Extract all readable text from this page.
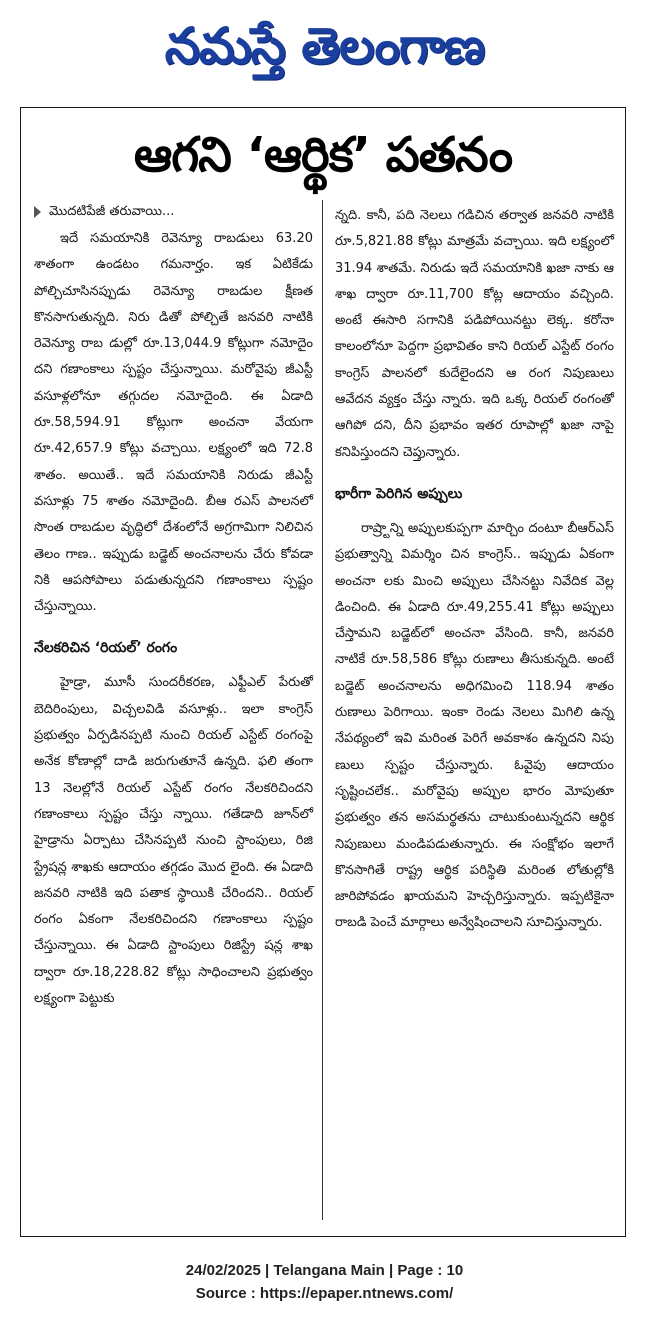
నమస్తే తెలంగాణ
ఆగని ‘ఆర్థిక’ పతనం
మొదటిపేజీ తరువాయి...

ఇదే సమయానికి రెవెన్యూ రాబడులు 63.20 శాతంగా ఉండటం గమనార్హం. ఇక ఏటికేడు పోల్చిచూసినప్పుడు రెవెన్యూ రాబడుల క్షీణత కొనసాగుతున్నది. నిరు డితో పోల్చితే జనవరి నాటికి రెవెన్యూ రాబ డుల్లో రూ.13,044.9 కోట్లుగా నమోదైం దని గణాంకాలు స్పష్టం చేస్తున్నాయి. మరోవైపు జీఎస్టీ వసూళ్లలోనూ తగ్గుదల నమోదైంది. ఈ ఏడాది రూ.58,594.91 కోట్లుగా అంచనా వేయగా రూ.42,657.9 కోట్లు వచ్చాయి. లక్ష్యంలో ఇది 72.8 శాతం. అయితే.. ఇదే సమయానికి నిరుడు జీఎస్టీ వసూళ్లు 75 శాతం నమోదైంది. బీఆ రఎస్ పాలనలో సొంత రాబడుల వృద్ధిలో దేశంలోనే అగ్రగామిగా నిలిచిన తెలం గాణ.. ఇప్పుడు బడ్జెట్ అంచనాలను చేరు కోవడా నికి ఆపసోపాలు పడుతున్నదని గణాంకాలు స్పష్టం చేస్తున్నాయి.

నేలకరిచిన ‘రియల్’ రంగం

హైడ్రా, మూసీ సుందరీకరణ, ఎఫ్టీఎల్ పేరుతో బెదిరింపులు, విచ్చలవిడి వసూళ్లు.. ఇలా కాంగ్రెస్ ప్రభుత్వం ఏర్పడినప్పటి నుంచి రియల్ ఎస్టేట్ రంగంపై అనేక కోణాల్లో దాడి జరుగుతూనే ఉన్నది. ఫలి తంగా 13 నెలల్లోనే రియల్ ఎస్టేట్ రంగం నేలకరిచిందని గణాంకాలు స్పష్టం చేస్తు న్నాయి. గతేడాది జూన్‌లో హైడ్రాను ఏర్పాటు చేసినప్పటి నుంచి స్టాంపులు, రిజి స్ట్రేషన్ల శాఖకు ఆదాయం తగ్గడం మొద లైంది. ఈ ఏడాది జనవరి నాటికి ఇది పతాక స్థాయికి చేరిందని.. రియల్ రంగం ఏకంగా నేలకరిచిందని గణాంకాలు స్పష్టం చేస్తున్నాయి. ఈ ఏడాది స్టాంపులు రిజిస్ట్రే షన్ల శాఖ ద్వారా రూ.18,228.82 కోట్లు సాధించాలని ప్రభుత్వం లక్ష్యంగా పెట్టుకు

న్నది. కానీ, పది నెలలు గడిచిన తర్వాత జనవరి నాటికి రూ.5,821.88 కోట్లు మాత్రమే వచ్చాయి. ఇది లక్ష్యంలో 31.94 శాతమే. నిరుడు ఇదే సమయానికి ఖజా నాకు ఆ శాఖ ద్వారా రూ.11,700 కోట్ల ఆదాయం వచ్చింది. అంటే ఈసారి సగానికి పడిపోయినట్టు లెక్క. కరోనా కాలంలోనూ పెద్దగా ప్రభావితం కాని రియల్ ఎస్టేట్ రంగం కాంగ్రెస్ పాలనలో కుదేలైందని ఆ రంగ నిపుణులు ఆవేదన వ్యక్తం చేస్తు న్నారు. ఇది ఒక్క రియల్ రంగంతో ఆగిపో దని, దీని ప్రభావం ఇతర రూపాల్లో ఖజా నాపై కనిపిస్తుందని చెప్తున్నారు.

భారీగా పెరిగిన అప్పులు

రాష్ర్టాన్ని అప్పులకుప్పగా మార్చిం దంటూ బీఆర్ఎస్ ప్రభుత్వాన్ని విమర్శిం చిన కాంగ్రెస్.. ఇప్పుడు ఏకంగా అంచనా లకు మించి అప్పులు చేసినట్టు నివేదిక వెల్ల డించింది. ఈ ఏడాది రూ.49,255.41 కోట్లు అప్పులు చేస్తామని బడ్జెట్‌లో అంచనా వేసింది. కానీ, జనవరి నాటికే రూ.58,586 కోట్లు రుణాలు తీసుకున్నది. అంటే బడ్జెట్ అంచనాలను అధిగమించి 118.94 శాతం రుణాలు పెరిగాయి. ఇంకా రెండు నెలలు మిగిలి ఉన్న నేపథ్యంలో ఇవి మరింత పెరిగే అవకాశం ఉన్నదని నిపు ణులు స్పష్టం చేస్తున్నారు. ఓవైపు ఆదాయం సృష్టించలేక.. మరోవైపు అప్పుల భారం మోపుతూ ప్రభుత్వం తన అసమర్థతను చాటుకుంటున్నదని ఆర్థిక నిపుణులు మండిపడుతున్నారు. ఈ సంక్షోభం ఇలాగే కొనసాగితే రాష్ట్ర ఆర్థిక పరిస్థితి మరింత లోతుల్లోకి జారిపోవడం ఖాయమని హెచ్చరిస్తున్నారు. ఇప్పటికైనా రాబడి పెంచే మార్గాలు అన్వేషించాలని సూచిస్తున్నారు.

24/02/2025 | Telangana Main | Page : 10
Source : https://epaper.ntnews.com/
